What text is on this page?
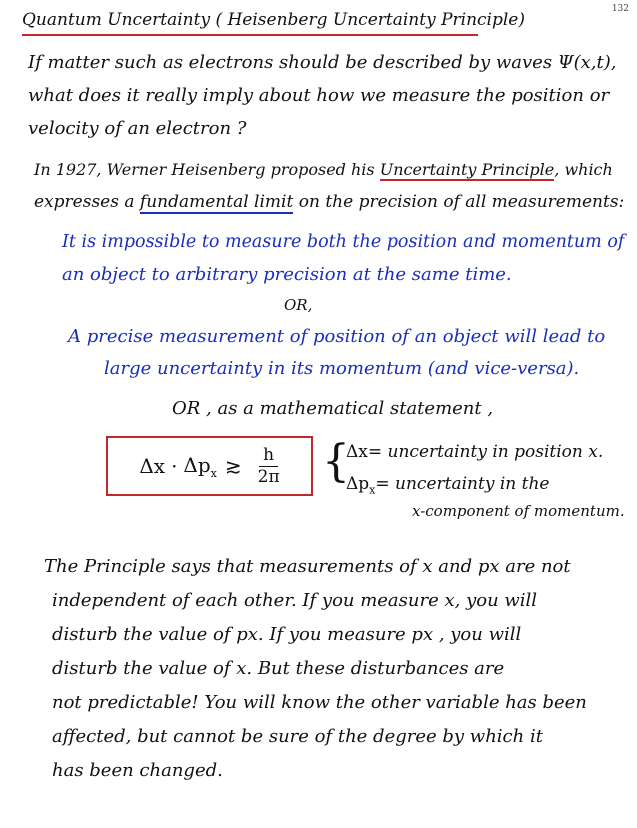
132
Quantum Uncertainty ( Heisenberg Uncertainty Principle)
If matter such as electrons should be described by waves Ψ(x,t),
what does it really imply about how we measure the position or
velocity of an electron ?
In 1927, Werner Heisenberg proposed his Uncertainty Principle, which
expresses a fundamental limit on the precision of all measurements:
It is impossible to measure both the position and momentum of
an object to arbitrary precision at the same time.
OR,
A precise measurement of position of an object will lead to
large uncertainty in its momentum (and vice-versa).
OR , as a mathematical statement ,
$\Delta x \cdot \Delta p_x$ ≳ $\frac{h}{2\pi}$ {
Δx= uncertainty in position x.
$\Delta p_x=$ uncertainty in the
x-component of momentum.
The Principle says that measurements of x and px are not
independent of each other. If you measure x, you will
disturb the value of px. If you measure px , you will
disturb the value of x. But these disturbances are
not predictable! You will know the other variable has been
affected, but cannot be sure of the degree by which it
has been changed.
